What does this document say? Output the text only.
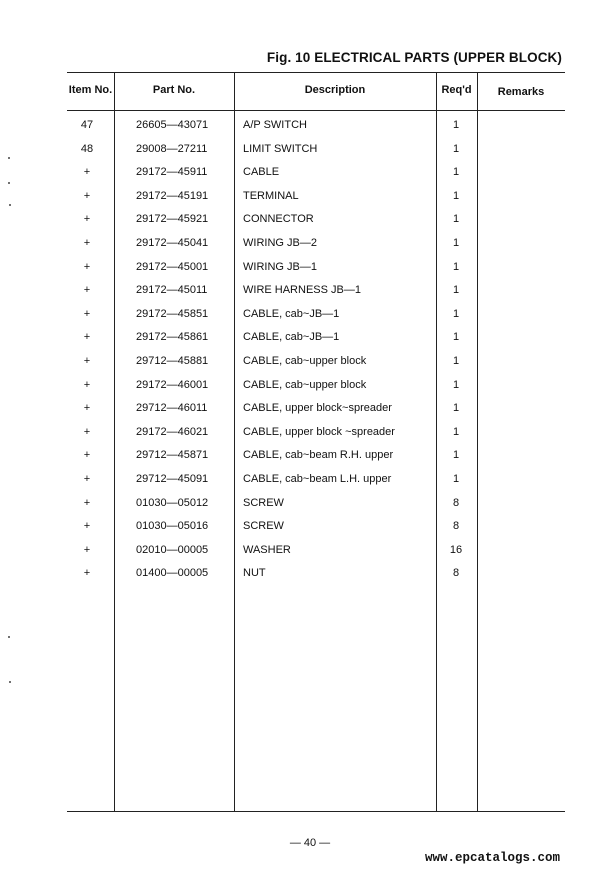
Fig. 10 ELECTRICAL PARTS (UPPER BLOCK)
Item No.	Part No.	Description	Req'd	Remarks
47	26605—43071	A/P SWITCH	1
48	29008—27211	LIMIT SWITCH	1
+	29172—45911	CABLE	1
+	29172—45191	TERMINAL	1
+	29172—45921	CONNECTOR	1
+	29172—45041	WIRING JB—2	1
+	29172—45001	WIRING JB—1	1
+	29172—45011	WIRE HARNESS JB—1	1
+	29172—45851	CABLE, cab~JB—1	1
+	29172—45861	CABLE, cab~JB—1	1
+	29712—45881	CABLE, cab~upper block	1
+	29172—46001	CABLE, cab~upper block	1
+	29712—46011	CABLE, upper block~spreader	1
+	29172—46021	CABLE, upper block ~spreader	1
+	29712—45871	CABLE, cab~beam R.H. upper	1
+	29712—45091	CABLE, cab~beam L.H. upper	1
+	01030—05012	SCREW	8
+	01030—05016	SCREW	8
+	02010—00005	WASHER	16
+	01400—00005	NUT	8
— 40 —
www.epcatalogs.com
